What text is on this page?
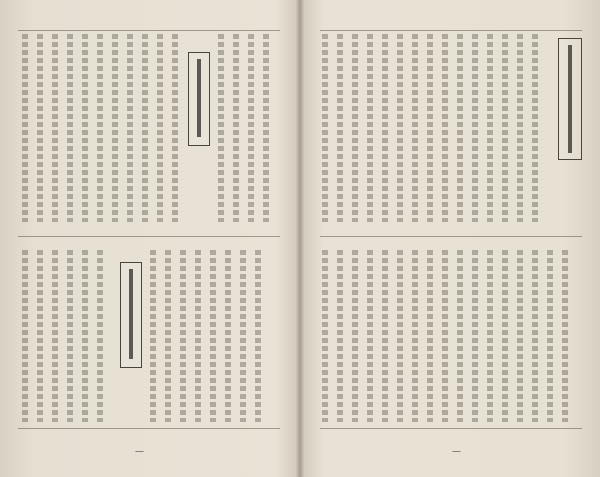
—	—
